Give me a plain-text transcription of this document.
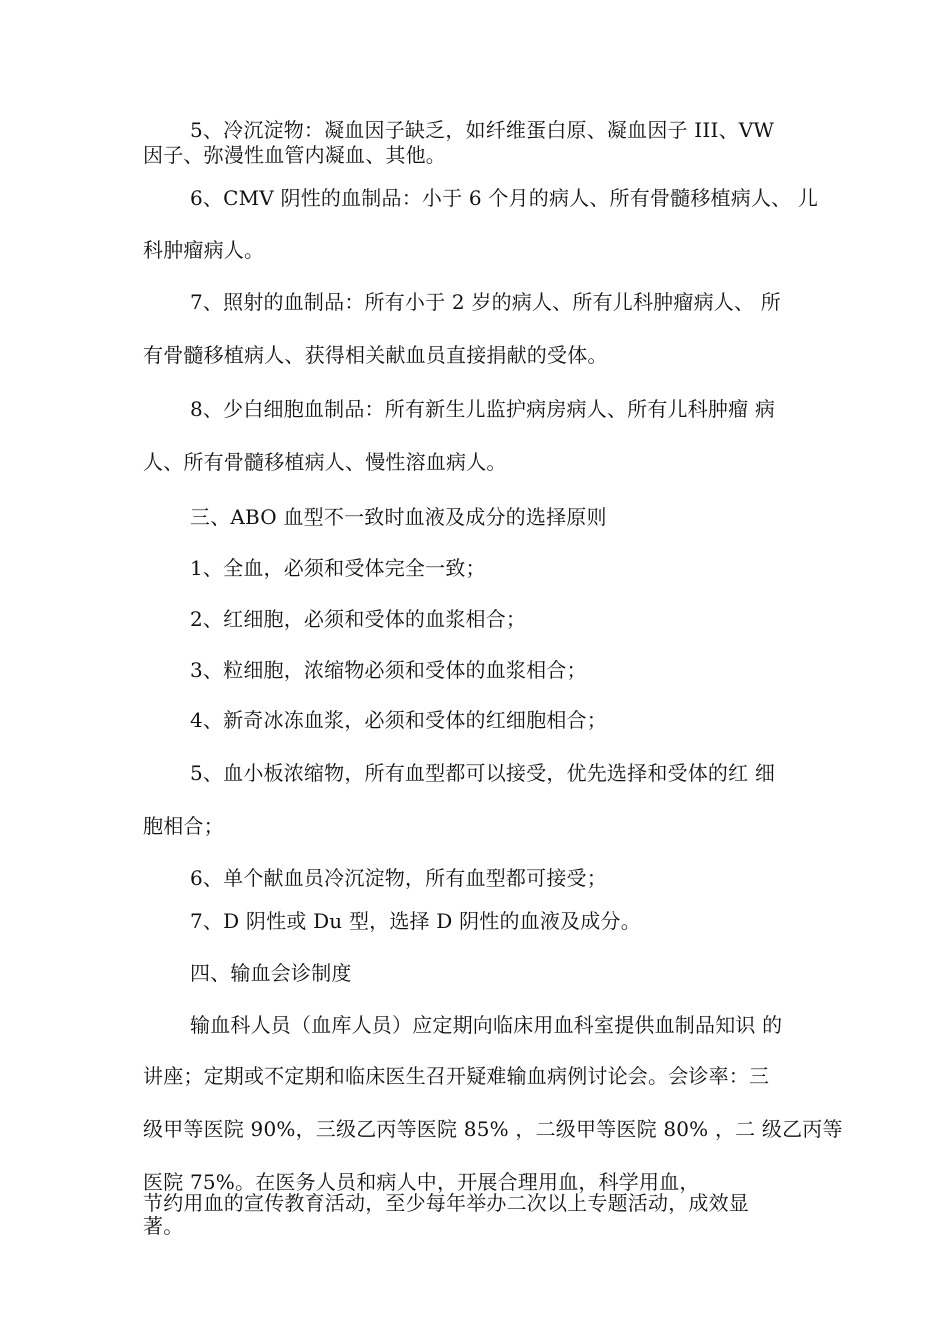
5、冷沉淀物：凝血因子缺乏，如纤维蛋白原、凝血因子 III、VW
因子、弥漫性血管内凝血、其他。
6、CMV 阴性的血制品：小于 6 个月的病人、所有骨髓移植病人、 儿
科肿瘤病人。
7、照射的血制品：所有小于 2 岁的病人、所有儿科肿瘤病人、 所
有骨髓移植病人、获得相关献血员直接捐献的受体。
8、少白细胞血制品：所有新生儿监护病房病人、所有儿科肿瘤 病
人、所有骨髓移植病人、慢性溶血病人。
三、ABO 血型不一致时血液及成分的选择原则
1、全血，必须和受体完全一致；
2、红细胞，必须和受体的血浆相合；
3、粒细胞，浓缩物必须和受体的血浆相合；
4、新奇冰冻血浆，必须和受体的红细胞相合；
5、血小板浓缩物，所有血型都可以接受，优先选择和受体的红 细
胞相合；
6、单个献血员冷沉淀物，所有血型都可接受；
7、D 阴性或 Du 型，选择 D 阴性的血液及成分。
四、输血会诊制度
输血科人员（血库人员）应定期向临床用血科室提供血制品知识 的
讲座；定期或不定期和临床医生召开疑难输血病例讨论会。会诊率：三
级甲等医院 90%，三级乙丙等医院 85% ，二级甲等医院 80% ，二 级乙丙等
医院 75%。在医务人员和病人中，开展合理用血，科学用血，
节约用血的宣传教育活动，至少每年举办二次以上专题活动，成效显
著。
